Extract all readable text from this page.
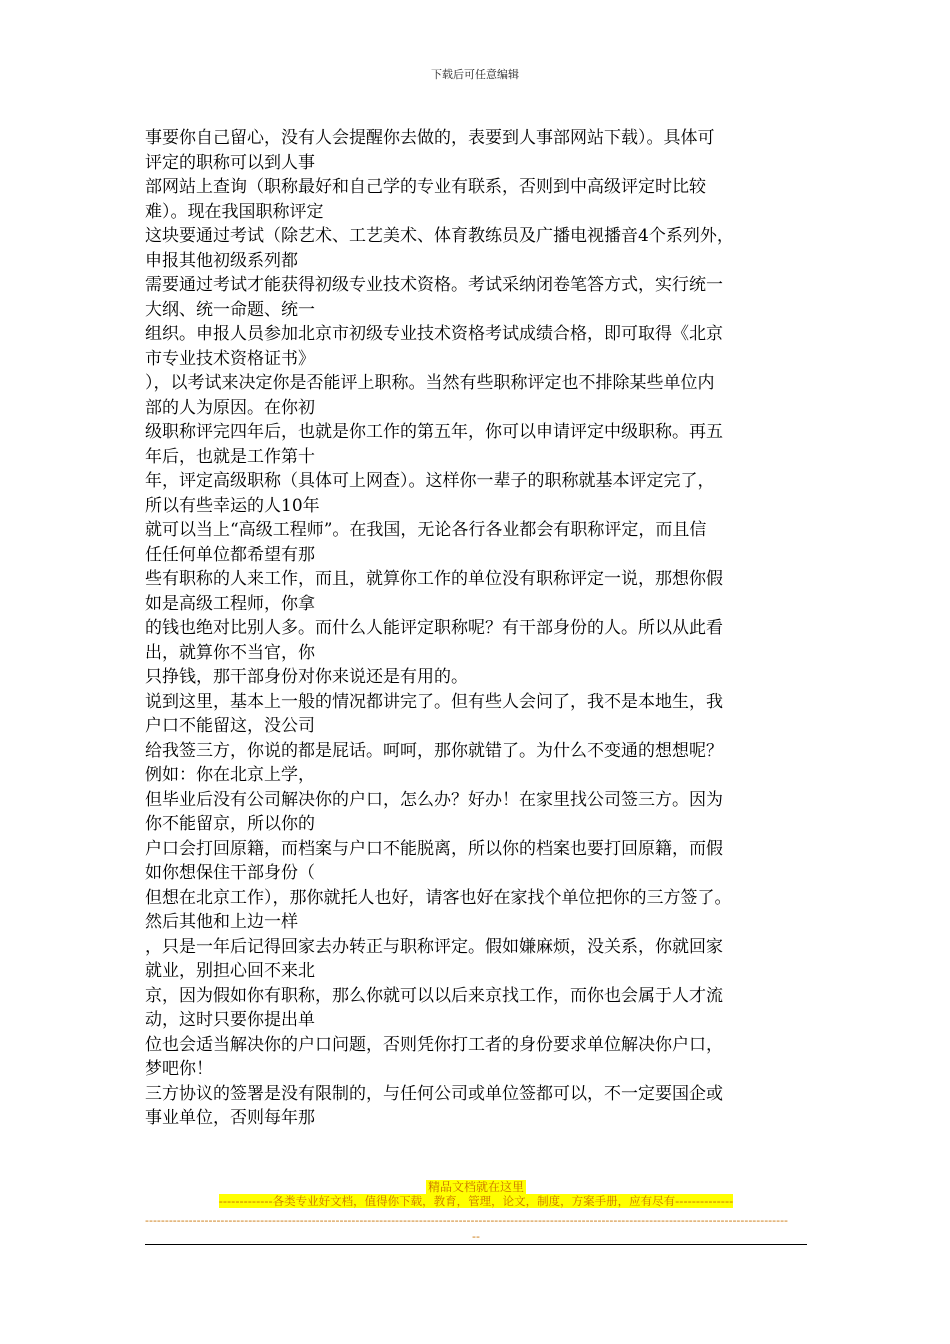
下载后可任意编辑
事要你自己留心，没有人会提醒你去做的，表要到人事部网站下载）。具体可
评定的职称可以到人事
部网站上查询（职称最好和自己学的专业有联系，否则到中高级评定时比较
难）。现在我国职称评定
这块要通过考试（除艺术、工艺美术、体育教练员及广播电视播音4个系列外，
申报其他初级系列都
需要通过考试才能获得初级专业技术资格。考试采纳闭卷笔答方式，实行统一
大纲、统一命题、统一
组织。申报人员参加北京市初级专业技术资格考试成绩合格，即可取得《北京
市专业技术资格证书》
），以考试来决定你是否能评上职称。当然有些职称评定也不排除某些单位内
部的人为原因。在你初
级职称评完四年后，也就是你工作的第五年，你可以申请评定中级职称。再五
年后，也就是工作第十
年，评定高级职称（具体可上网查）。这样你一辈子的职称就基本评定完了，
所以有些幸运的人10年
就可以当上“高级工程师”。在我国，无论各行各业都会有职称评定，而且信
任任何单位都希望有那
些有职称的人来工作，而且，就算你工作的单位没有职称评定一说，那想你假
如是高级工程师，你拿
的钱也绝对比别人多。而什么人能评定职称呢？有干部身份的人。所以从此看
出，就算你不当官，你
只挣钱，那干部身份对你来说还是有用的。
说到这里，基本上一般的情况都讲完了。但有些人会问了，我不是本地生，我
户口不能留这，没公司
给我签三方，你说的都是屁话。呵呵，那你就错了。为什么不变通的想想呢？
例如：你在北京上学，
但毕业后没有公司解决你的户口，怎么办？好办！在家里找公司签三方。因为
你不能留京，所以你的
户口会打回原籍，而档案与户口不能脱离，所以你的档案也要打回原籍，而假
如你想保住干部身份（
但想在北京工作），那你就托人也好，请客也好在家找个单位把你的三方签了。
然后其他和上边一样
，只是一年后记得回家去办转正与职称评定。假如嫌麻烦，没关系，你就回家
就业，别担心回不来北
京，因为假如你有职称，那么你就可以以后来京找工作，而你也会属于人才流
动，这时只要你提出单
位也会适当解决你的户口问题，否则凭你打工者的身份要求单位解决你户口，
梦吧你！
三方协议的签署是没有限制的，与任何公司或单位签都可以，不一定要国企或
事业单位，否则每年那
精品文档就在这里
-------------各类专业好文档，值得你下载，教育，管理，论文，制度，方案手册，应有尽有--------------
------------------------------------------------------------------------------------------------------------------------------------------------------------------
--
